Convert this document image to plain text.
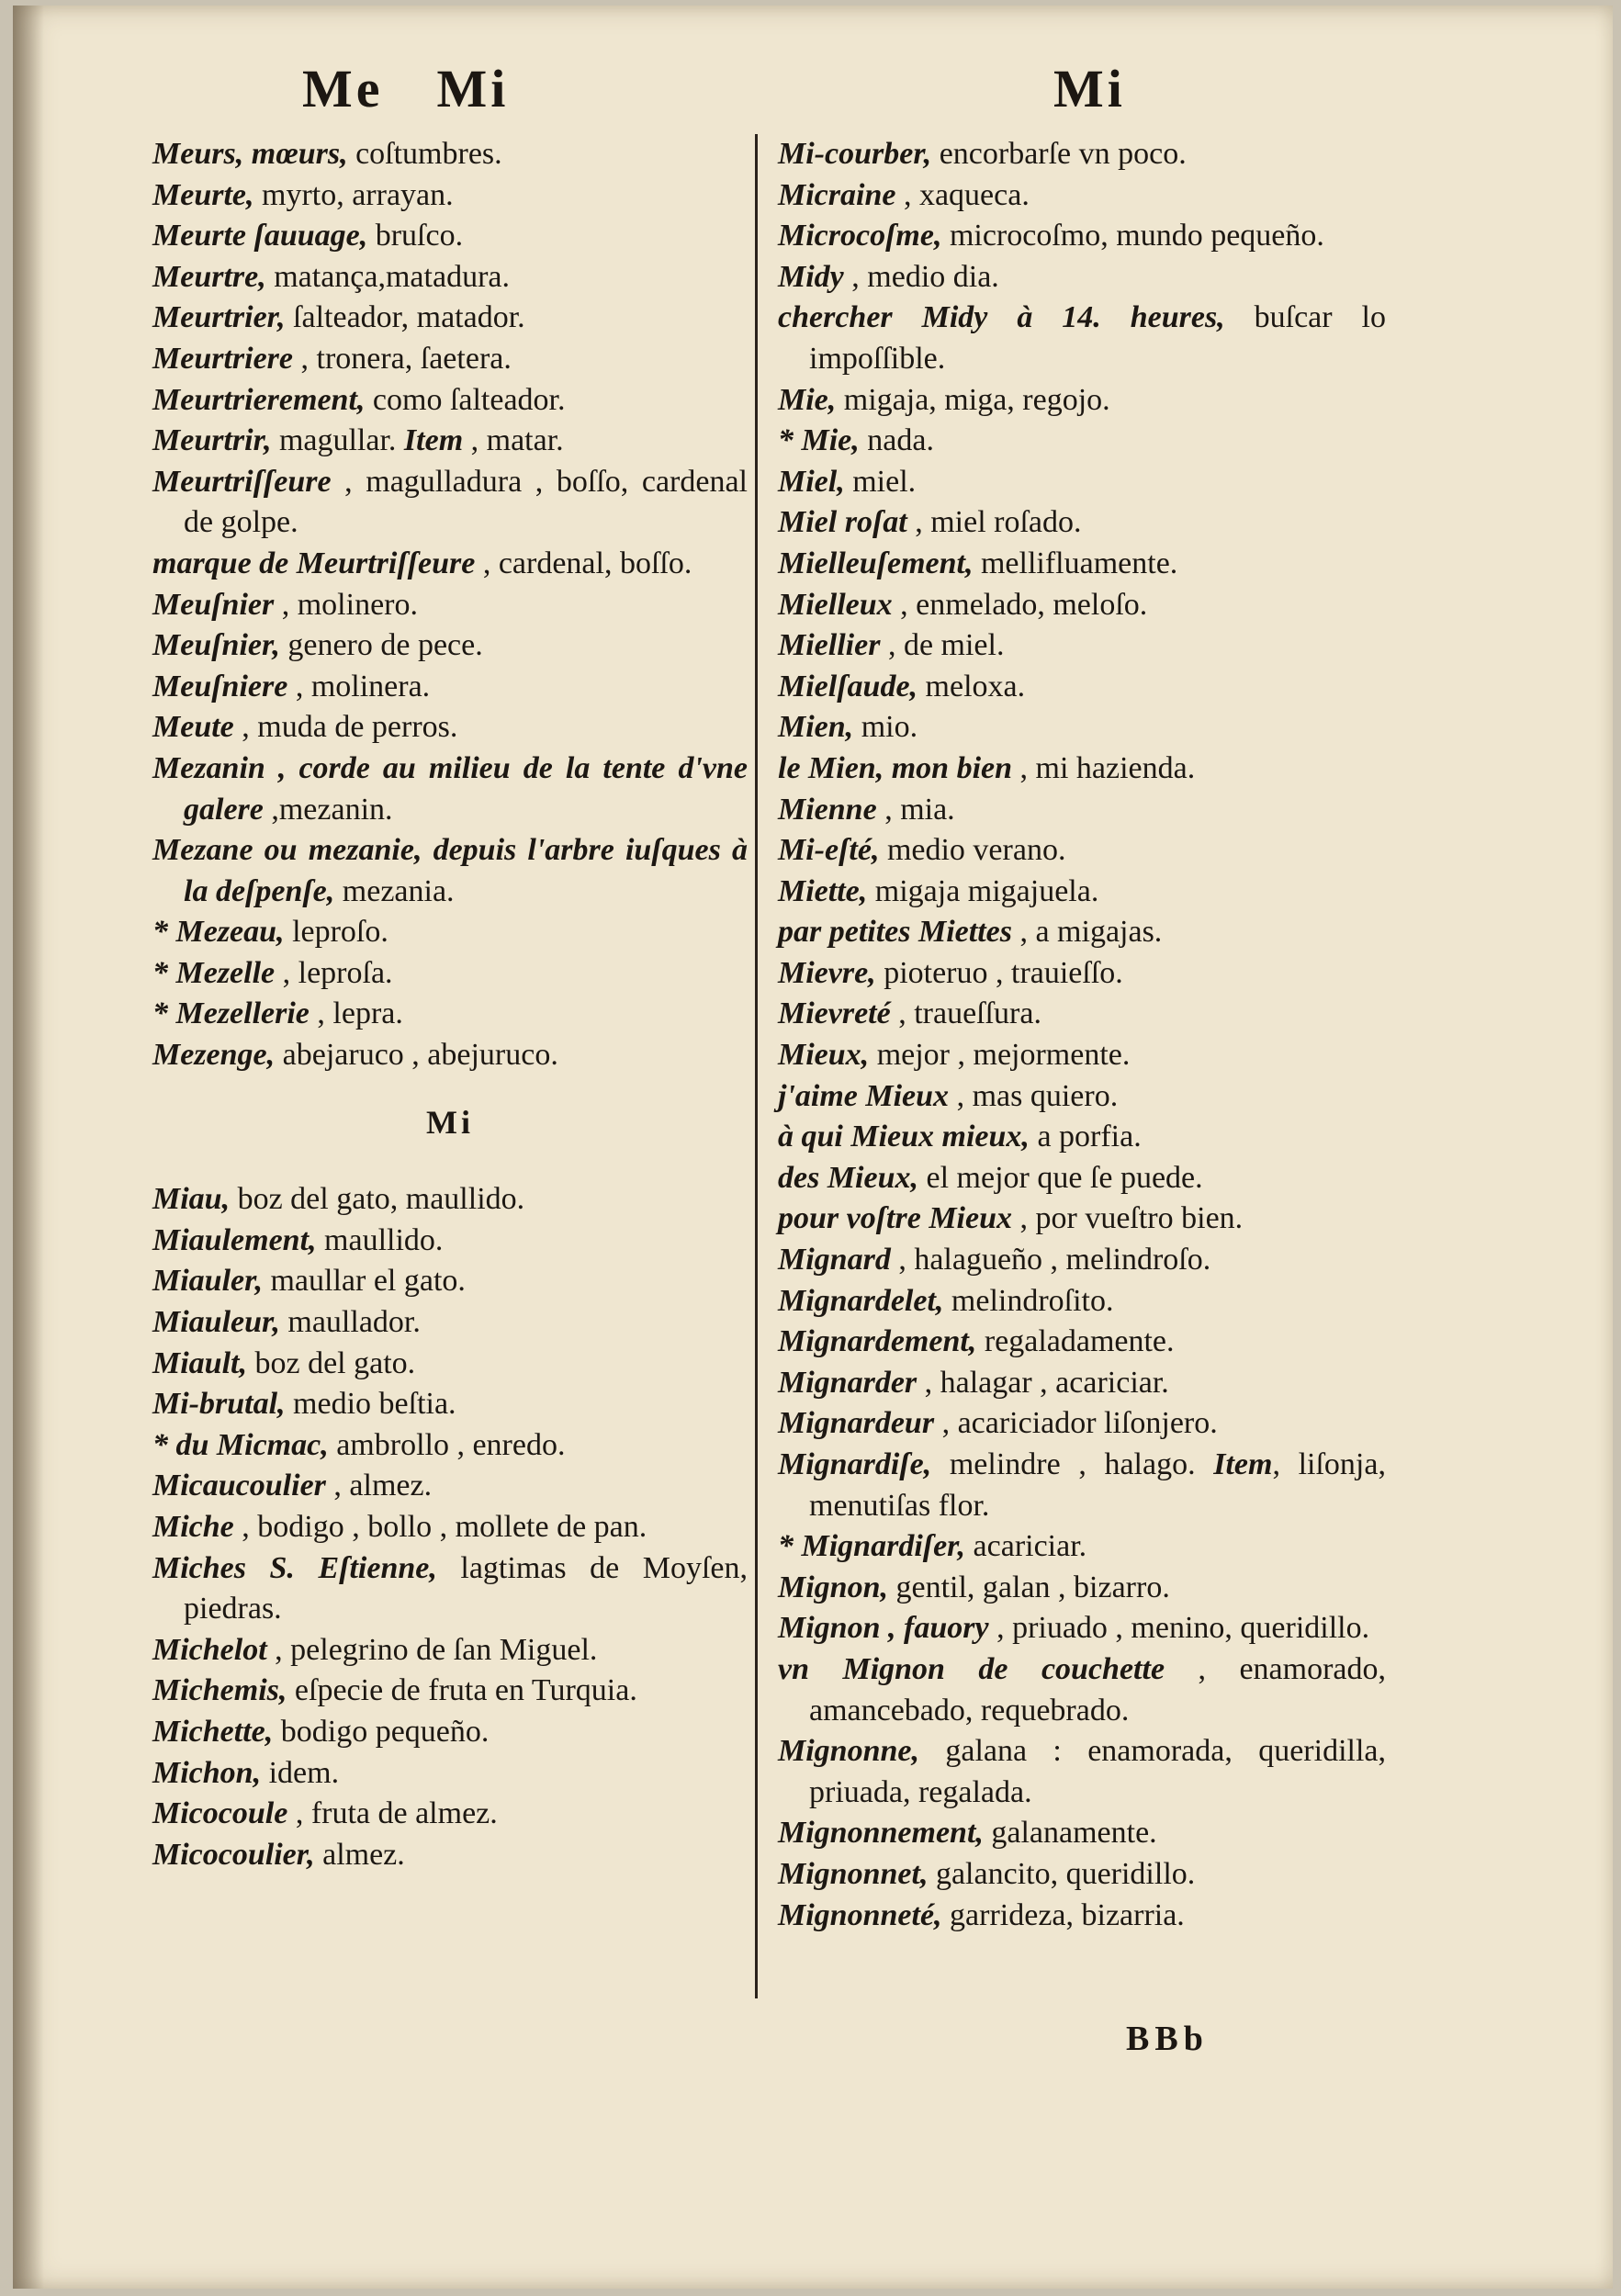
Me Mi	Mi

Meurs, mœurs, coſtumbres.

Meurte, myrto, arrayan.

Meurte ſauuage, bruſco.

Meurtre, matança,matadura.

Meurtrier, ſalteador, matador.

Meurtriere , tronera, ſaetera.

Meurtrierement, como ſalteador.

Meurtrir, magullar. Item , matar.

Meurtriſſeure , magulladura , boſſo, cardenal de golpe.

marque de Meurtriſſeure , cardenal, boſſo.

Meuſnier , molinero.

Meuſnier, genero de pece.

Meuſniere , molinera.

Meute , muda de perros.

Mezanin , corde au milieu de la tente d'vne galere ,mezanin.

Mezane ou mezanie, depuis l'arbre iuſques à la deſpenſe, mezania.

* Mezeau, leproſo.

* Mezelle , leproſa.

* Mezellerie , lepra.

Mezenge, abejaruco , abejuruco.

Mi

Miau, boz del gato, maullido.

Miaulement, maullido.

Miauler, maullar el gato.

Miauleur, maullador.

Miault, boz del gato.

Mi-brutal, medio beſtia.

* du Micmac, ambrollo , enredo.

Micaucoulier , almez.

Miche , bodigo , bollo , mollete de pan.

Miches S. Eſtienne, lagtimas de Moyſen, piedras.

Michelot , pelegrino de ſan Miguel.

Michemis, eſpecie de fruta en Turquia.

Michette, bodigo pequeño.

Michon, idem.

Micocoule , fruta de almez.

Micocoulier, almez.

Mi-courber, encorbarſe vn poco.

Micraine , xaqueca.

Microcoſme, microcoſmo, mundo pequeño.

Midy , medio dia.

chercher Midy à 14. heures, buſcar lo impoſſible.

Mie, migaja, miga, regojo.

* Mie, nada.

Miel, miel.

Miel roſat , miel roſado.

Mielleuſement, mellifluamente.

Mielleux , enmelado, meloſo.

Miellier , de miel.

Mielſaude, meloxa.

Mien, mio.

le Mien, mon bien , mi hazienda.

Mienne , mia.

Mi-eſté, medio verano.

Miette, migaja migajuela.

par petites Miettes , a migajas.

Mievre, pioteruo , trauieſſo.

Mievreté , traueſſura.

Mieux, mejor , mejormente.

j'aime Mieux , mas quiero.

à qui Mieux mieux, a porfia.

des Mieux, el mejor que ſe puede.

pour voſtre Mieux , por vueſtro bien.

Mignard , halagueño , melindroſo.

Mignardelet, melindroſito.

Mignardement, regaladamente.

Mignarder , halagar , acariciar.

Mignardeur , acariciador liſonjero.

Mignardiſe, melindre , halago. Item, liſonja, menutiſas flor.

* Mignardiſer, acariciar.

Mignon, gentil, galan , bizarro.

Mignon , fauory , priuado , menino, queridillo.

vn Mignon de couchette , enamorado, amancebado, requebrado.

Mignonne, galana : enamorada, queridilla, priuada, regalada.

Mignonnement, galanamente.

Mignonnet, galancito, queridillo.

Mignonneté, garrideza, bizarria.

BBb
